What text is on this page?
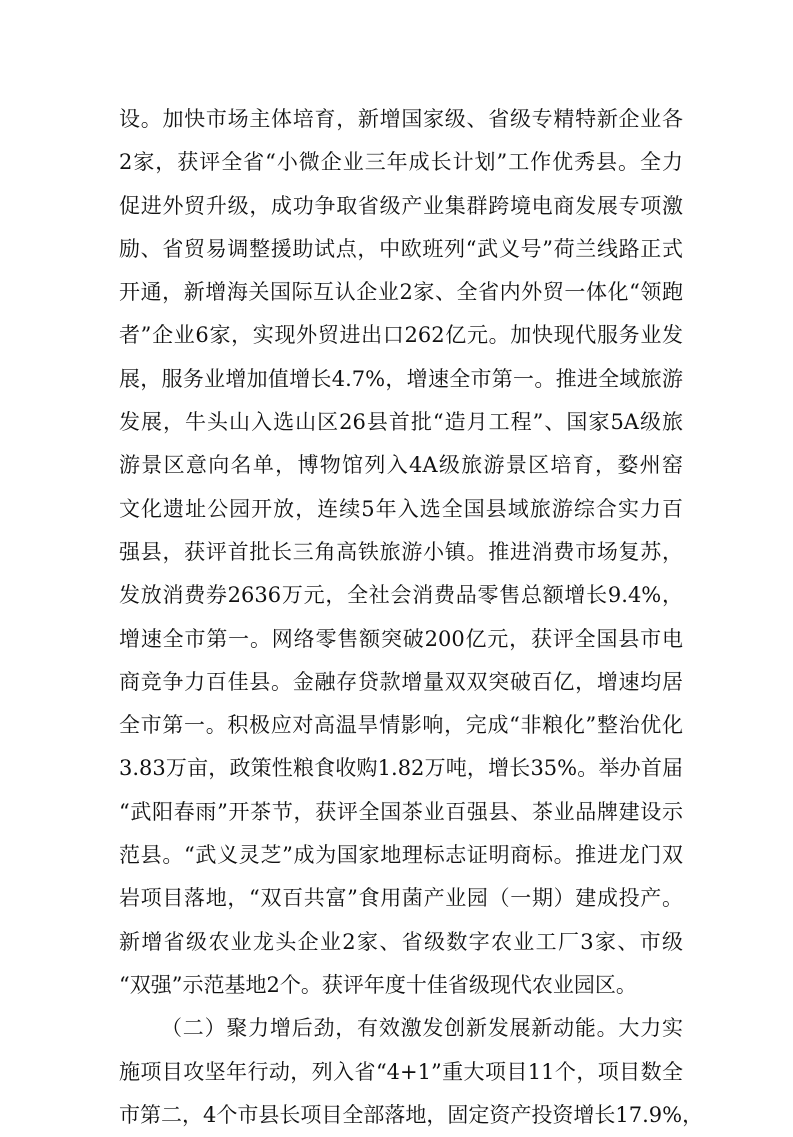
设。加快市场主体培育，新增国家级、省级专精特新企业各
2家，获评全省“小微企业三年成长计划”工作优秀县。全力
促进外贸升级，成功争取省级产业集群跨境电商发展专项激
励、省贸易调整援助试点，中欧班列“武义号”荷兰线路正式
开通，新增海关国际互认企业2家、全省内外贸一体化“领跑
者”企业6家，实现外贸进出口262亿元。加快现代服务业发
展，服务业增加值增长4.7%，增速全市第一。推进全域旅游
发展，牛头山入选山区26县首批“造月工程”、国家5A级旅
游景区意向名单，博物馆列入4A级旅游景区培育，婺州窑
文化遗址公园开放，连续5年入选全国县域旅游综合实力百
强县，获评首批长三角高铁旅游小镇。推进消费市场复苏，
发放消费券2636万元，全社会消费品零售总额增长9.4%，
增速全市第一。网络零售额突破200亿元，获评全国县市电
商竞争力百佳县。金融存贷款增量双双突破百亿，增速均居
全市第一。积极应对高温旱情影响，完成“非粮化”整治优化
3.83万亩，政策性粮食收购1.82万吨，增长35%。举办首届
“武阳春雨”开茶节，获评全国茶业百强县、茶业品牌建设示
范县。“武义灵芝”成为国家地理标志证明商标。推进龙门双
岩项目落地，“双百共富”食用菌产业园（一期）建成投产。
新增省级农业龙头企业2家、省级数字农业工厂3家、市级
“双强”示范基地2个。获评年度十佳省级现代农业园区。
（二）聚力增后劲，有效激发创新发展新动能。大力实
施项目攻坚年行动，列入省“4+1”重大项目11个，项目数全
市第二，4个市县长项目全部落地，固定资产投资增长17.9%，
